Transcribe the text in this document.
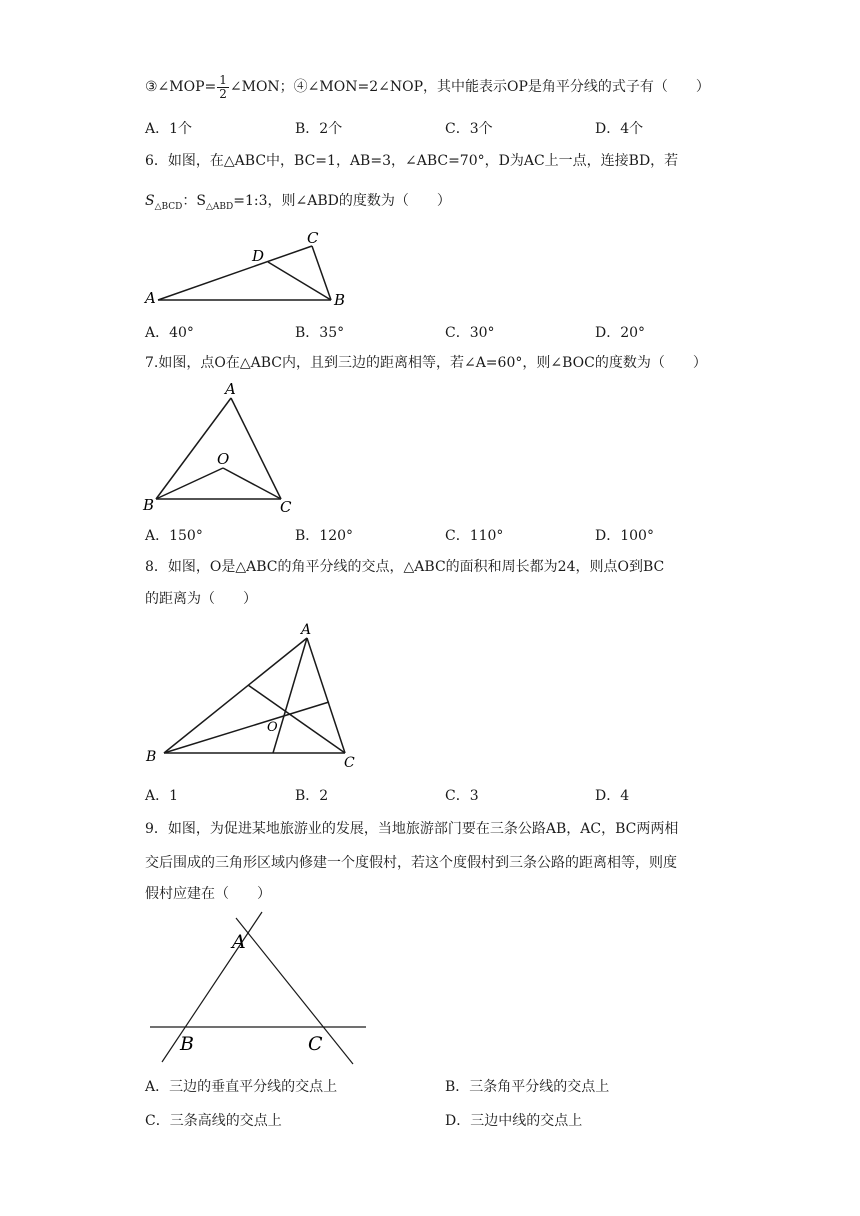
③∠MOP= $\frac{1}{2}$ ∠MON；④∠MON=2∠NOP，其中能表示OP是角平分线的式子有（　　）
A．1个	B．2个	C．3个	D．4个
6．如图，在△ABC中，BC=1，AB=3，∠ABC=70°，D为AC上一点，连接BD，若
$S_{\triangle BCD}$：$S_{\triangle ABD}=1:3$，则∠ABD的度数为（　　）
A	B
C
D
A．40°	B．35°	C．30°	D．20°
7.如图，点O在△ABC内，且到三边的距离相等，若∠A=60°，则∠BOC的度数为（　　）
A
B	C
O
A．150°	B．120°	C．110°	D．100°
8．如图，O是△ABC的角平分线的交点，△ABC的面积和周长都为24，则点O到BC
的距离为（　　）
A
B	C
O
A．1	B．2	C．3	D．4
9．如图，为促进某地旅游业的发展，当地旅游部门要在三条公路AB，AC，BC两两相
交后围成的三角形区域内修建一个度假村，若这个度假村到三条公路的距离相等，则度
假村应建在（　　）
A
B	C
A．三边的垂直平分线的交点上	B．三条角平分线的交点上
C．三条高线的交点上	D．三边中线的交点上
